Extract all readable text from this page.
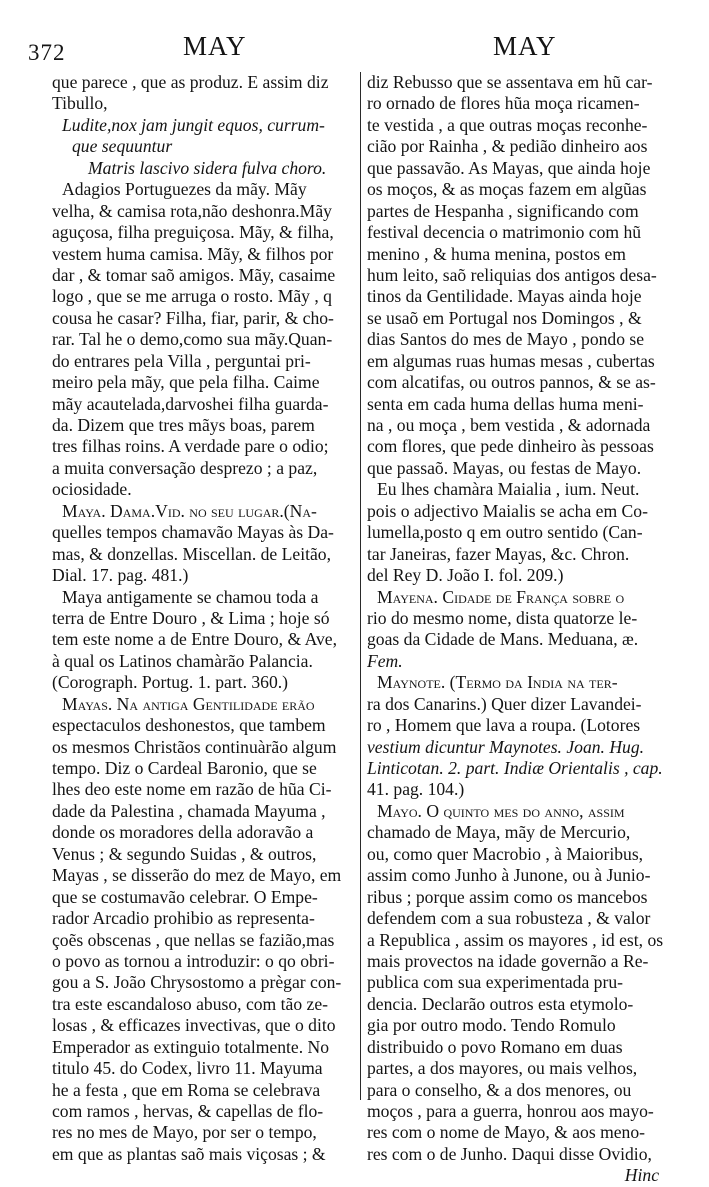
372	MAY	MAY
que parece , que as produz. E assim diz
Tibullo,
Ludite,nox jam jungit equos, currum-
que sequuntur
Matris lascivo sidera fulva choro.
Adagios Portuguezes da mãy. Mãy
velha, & camisa rota,não deshonra.Mãy
aguçosa, filha preguiçosa. Mãy, & filha,
vestem huma camisa. Mãy, & filhos por
dar , & tomar saõ amigos. Mãy, casaime
logo , que se me arruga o rosto. Mãy , q
cousa he casar? Filha, fiar, parir, & cho-
rar. Tal he o demo,como sua mãy.Quan-
do entrares pela Villa , perguntai pri-
meiro pela mãy, que pela filha. Caime
mãy acautelada,darvoshei filha guarda-
da. Dizem que tres mãys boas, parem
tres filhas roins. A verdade pare o odio;
a muita conversação desprezo ; a paz,
ociosidade.
Maya. Dama.Vid. no seu lugar.(Na-
quelles tempos chamavão Mayas às Da-
mas, & donzellas. Miscellan. de Leitão,
Dial. 17. pag. 481.)
Maya antigamente se chamou toda a
terra de Entre Douro , & Lima ; hoje só
tem este nome a de Entre Douro, & Ave,
à qual os Latinos chamàrão Palancia.
(Corograph. Portug. 1. part. 360.)
Mayas. Na antiga Gentilidade erão
espectaculos deshonestos, que tambem
os mesmos Christãos continuàrão algum
tempo. Diz o Cardeal Baronio, que se
lhes deo este nome em razão de hũa Ci-
dade da Palestina , chamada Mayuma ,
donde os moradores della adoravão a
Venus ; & segundo Suidas , & outros,
Mayas , se disserão do mez de Mayo, em
que se costumavão celebrar. O Empe-
rador Arcadio prohibio as representa-
çoẽs obscenas , que nellas se fazião,mas
o povo as tornou a introduzir: o qo obri-
gou a S. João Chrysostomo a prègar con-
tra este escandaloso abuso, com tão ze-
losas , & efficazes invectivas, que o dito
Emperador as extinguio totalmente. No
titulo 45. do Codex, livro 11. Mayuma
he a festa , que em Roma se celebrava
com ramos , hervas, & capellas de flo-
res no mes de Mayo, por ser o tempo,
em que as plantas saõ mais viçosas ; &
diz Rebusso que se assentava em hũ car-
ro ornado de flores hũa moça ricamen-
te vestida , a que outras moças reconhe-
cião por Rainha , & pedião dinheiro aos
que passavão. As Mayas, que ainda hoje
os moços, & as moças fazem em algũas
partes de Hespanha , significando com
festival decencia o matrimonio com hũ
menino , & huma menina, postos em
hum leito, saõ reliquias dos antigos desa-
tinos da Gentilidade. Mayas ainda hoje
se usaõ em Portugal nos Domingos , &
dias Santos do mes de Mayo , pondo se
em algumas ruas humas mesas , cubertas
com alcatifas, ou outros pannos, & se as-
senta em cada huma dellas huma meni-
na , ou moça , bem vestida , & adornada
com flores, que pede dinheiro às pessoas
que passaõ. Mayas, ou festas de Mayo.
Eu lhes chamàra Maialia , ium. Neut.
pois o adjectivo Maialis se acha em Co-
lumella,posto q em outro sentido (Can-
tar Janeiras, fazer Mayas, &c. Chron.
del Rey D. João I. fol. 209.)
Mayena. Cidade de França sobre o
rio do mesmo nome, dista quatorze le-
goas da Cidade de Mans. Meduana, æ.
Fem.
Maynote. (Termo da India na ter-
ra dos Canarins.) Quer dizer Lavandei-
ro , Homem que lava a roupa. (Lotores
vestium dicuntur Maynotes. Joan. Hug.
Linticotan. 2. part. Indiæ Orientalis , cap.
41. pag. 104.)
Mayo. O quinto mes do anno, assim
chamado de Maya, mãy de Mercurio,
ou, como quer Macrobio , à Maioribus,
assim como Junho à Junone, ou à Junio-
ribus ; porque assim como os mancebos
defendem com a sua robusteza , & valor
a Republica , assim os mayores , id est, os
mais provectos na idade governão a Re-
publica com sua experimentada pru-
dencia. Declarão outros esta etymolo-
gia por outro modo. Tendo Romulo
distribuido o povo Romano em duas
partes, a dos mayores, ou mais velhos,
para o conselho, & a dos menores, ou
moços , para a guerra, honrou aos mayo-
res com o nome de Mayo, & aos meno-
res com o de Junho. Daqui disse Ovidio,
Hinc
